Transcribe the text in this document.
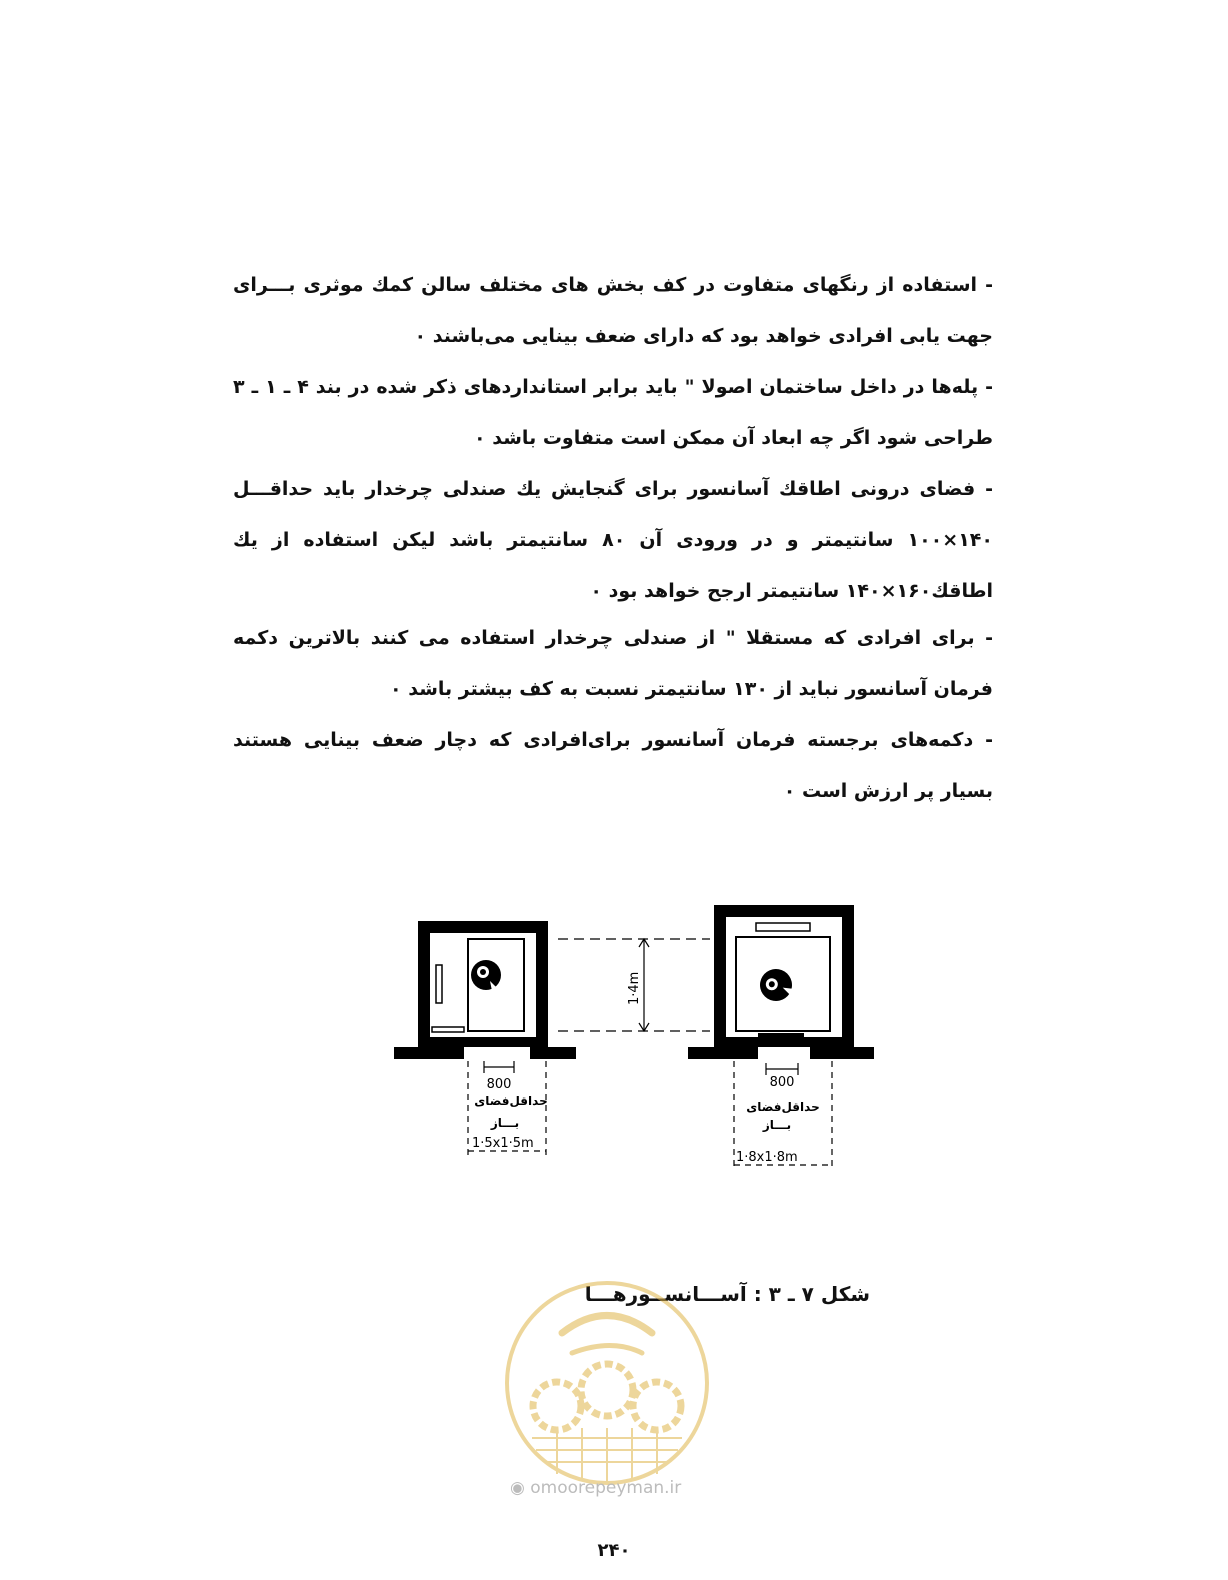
- استفاده از رنگهای متفاوت در کف بخش های مختلف سالن کمك موثری بـــرای جهت یابی افرادی خواهد بود که دارای ضعف بینایی می‌باشند ۰
- پله‌ها در داخل ساختمان اصولا " باید برابر استانداردهای ذکر شده در بند ۴ ـ ۱ ـ ۳ طراحی شود اگر چه ابعاد آن ممکن است متفاوت باشد ۰
- فضای درونی اطاقك آسانسور برای گنجایش یك صندلی چرخدار باید حداقـــل ۱۴۰×۱۰۰ سانتیمتر و در ورودی آن ۸۰ سانتیمتر باشد لیکن استفاده از یك اطاقك۱۶۰×۱۴۰ سانتیمتر ارجح خواهد بود ۰
- برای افرادی که مستقلا " از صندلی چرخدار استفاده می کنند بالاترین دکمه فرمان آسانسور نباید از ۱۳۰ سانتیمتر نسبت به کف بیشتر باشد ۰
- دکمه‌های برجسته فرمان آسانسور برای‌افرادی که دچار ضعف بینایی هستند بسیار پر ارزش است ۰
800
حداقل‌فضای
بـــاز
1·5x1·5m
1·4m
800
حداقل‌فضای
بـــاز
1·8x1·8m
شکل ۷ ـ ۳ : آســـانســورهـــا
◉ omoorepeyman.ir
۲۴۰
